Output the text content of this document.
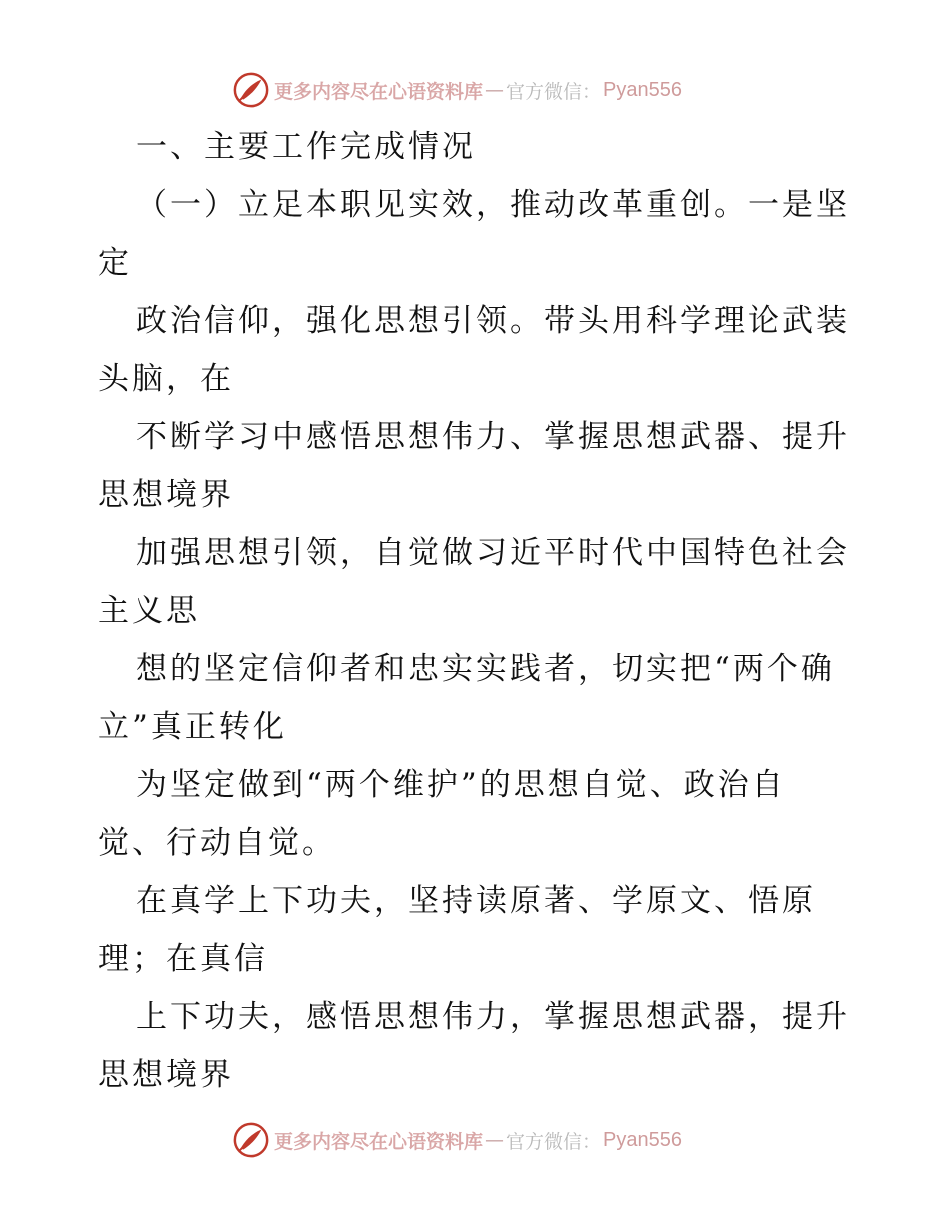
更多内容尽在心语资料库 — 官方微信： Pyan556
一、主要工作完成情况
（一）立足本职见实效，推动改革重创。一是坚
定
政治信仰，强化思想引领。带头用科学理论武装
头脑，在
不断学习中感悟思想伟力、掌握思想武器、提升
思想境界
加强思想引领，自觉做习近平时代中国特色社会
主义思
想的坚定信仰者和忠实实践者，切实把“两个确
立”真正转化
为坚定做到“两个维护”的思想自觉、政治自
觉、行动自觉。
在真学上下功夫，坚持读原著、学原文、悟原
理；在真信
上下功夫，感悟思想伟力，掌握思想武器，提升
思想境界
更多内容尽在心语资料库 — 官方微信： Pyan556
